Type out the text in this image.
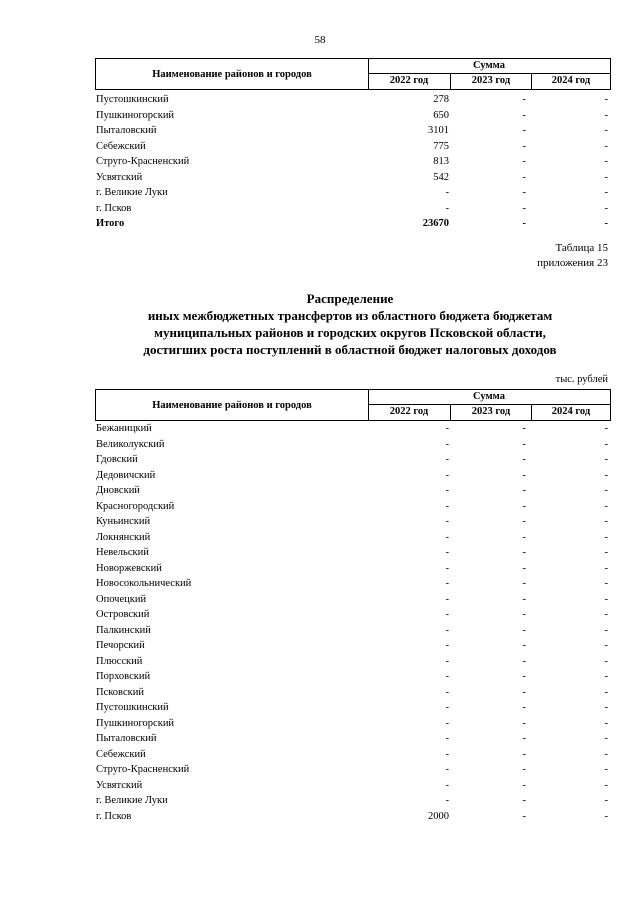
58
Наименование районов и городов
Сумма
2022 год	2023 год	2024 год
Пустошкинский	278	-	-
Пушкиногорский	650	-	-
Пыталовский	3101	-	-
Себежский	775	-	-
Струго-Красненский	813	-	-
Усвятский	542	-	-
г. Великие Луки	-	-	-
г. Псков	-	-	-
Итого	23670	-	-
Таблица 15
приложения 23
Распределение
иных межбюджетных трансфертов из областного бюджета бюджетам
муниципальных районов и городских округов Псковской области,
достигших роста поступлений в областной бюджет налоговых доходов
тыс. рублей
Наименование районов и городов
Сумма
2022 год	2023 год	2024 год
Бежаницкий	-	-	-
Великолукский	-	-	-
Гдовский	-	-	-
Дедовичский	-	-	-
Дновский	-	-	-
Красногородский	-	-	-
Куньинский	-	-	-
Локнянский	-	-	-
Невельский	-	-	-
Новоржевский	-	-	-
Новосокольнический	-	-	-
Опочецкий	-	-	-
Островский	-	-	-
Палкинский	-	-	-
Печорский	-	-	-
Плюсский	-	-	-
Порховский	-	-	-
Псковский	-	-	-
Пустошкинский	-	-	-
Пушкиногорский	-	-	-
Пыталовский	-	-	-
Себежский	-	-	-
Струго-Красненский	-	-	-
Усвятский	-	-	-
г. Великие Луки	-	-	-
г. Псков	2000	-	-
